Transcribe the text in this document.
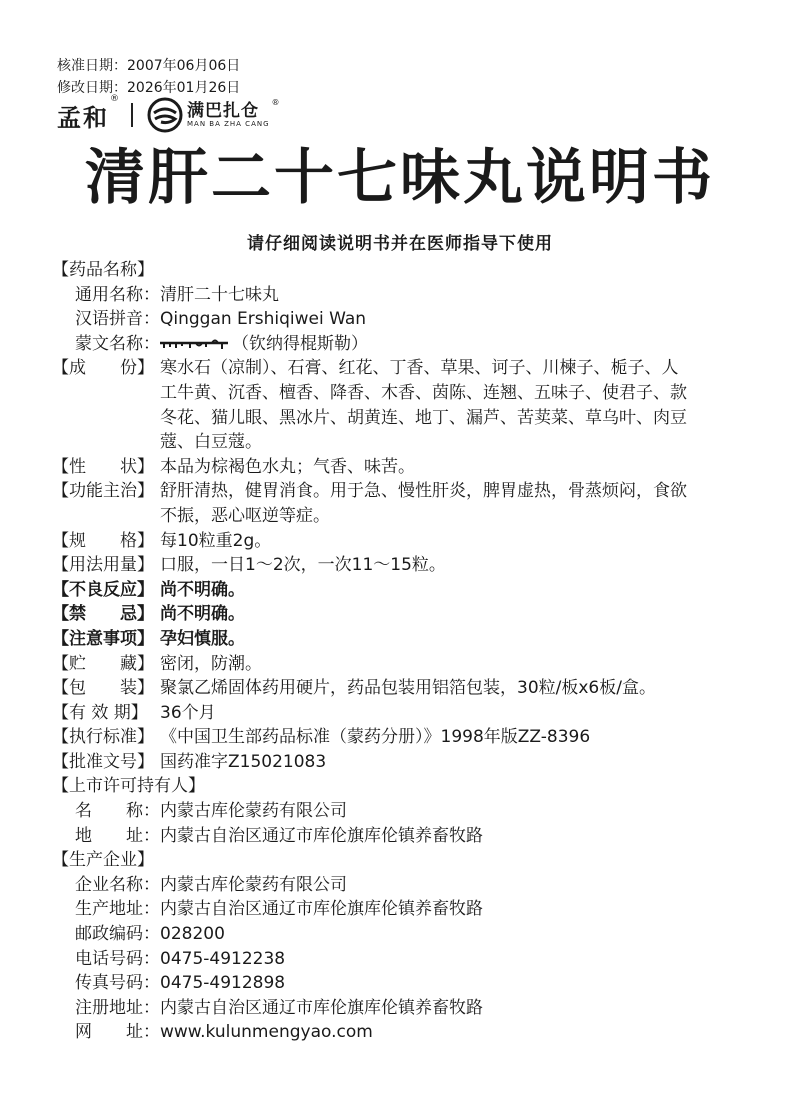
核准日期：2007年06月06日
修改日期：2026年01月26日
孟和
®
满巴扎仓
MAN BA ZHA CANG
®
清肝二十七味丸说明书
请仔细阅读说明书并在医师指导下使用
【药品名称】
通用名称： 清肝二十七味丸
汉语拼音： Qinggan Ershiqiwei Wan
蒙文名称：	（钦纳得棍斯勒）
【成　　份】 寒水石（凉制）、石膏、红花、丁香、草果、诃子、川楝子、栀子、人
工牛黄、沉香、檀香、降香、木香、茵陈、连翘、五味子、使君子、款
冬花、猫儿眼、黑冰片、胡黄连、地丁、漏芦、苦荬菜、草乌叶、肉豆
蔻、白豆蔻。
【性　　状】 本品为棕褐色水丸；气香、味苦。
【功能主治】 舒肝清热，健胃消食。用于急、慢性肝炎，脾胃虚热，骨蒸烦闷，食欲
不振，恶心呕逆等症。
【规　　格】 每10粒重2g。
【用法用量】 口服，一日1～2次，一次11～15粒。
【不良反应】 尚不明确。
【禁　　忌】 尚不明确。
【注意事项】 孕妇慎服。
【贮　　藏】 密闭，防潮。
【包　　装】 聚氯乙烯固体药用硬片，药品包装用铝箔包装，30粒/板x6板/盒。
【有 效 期】 36个月
【执行标准】 《中国卫生部药品标准（蒙药分册）》1998年版ZZ-8396
【批准文号】 国药准字Z15021083
【上市许可持有人】
名　　称： 内蒙古库伦蒙药有限公司
地　　址： 内蒙古自治区通辽市库伦旗库伦镇养畜牧路
【生产企业】
企业名称： 内蒙古库伦蒙药有限公司
生产地址： 内蒙古自治区通辽市库伦旗库伦镇养畜牧路
邮政编码： 028200
电话号码： 0475-4912238
传真号码： 0475-4912898
注册地址： 内蒙古自治区通辽市库伦旗库伦镇养畜牧路
网　　址： www.kulunmengyao.com
